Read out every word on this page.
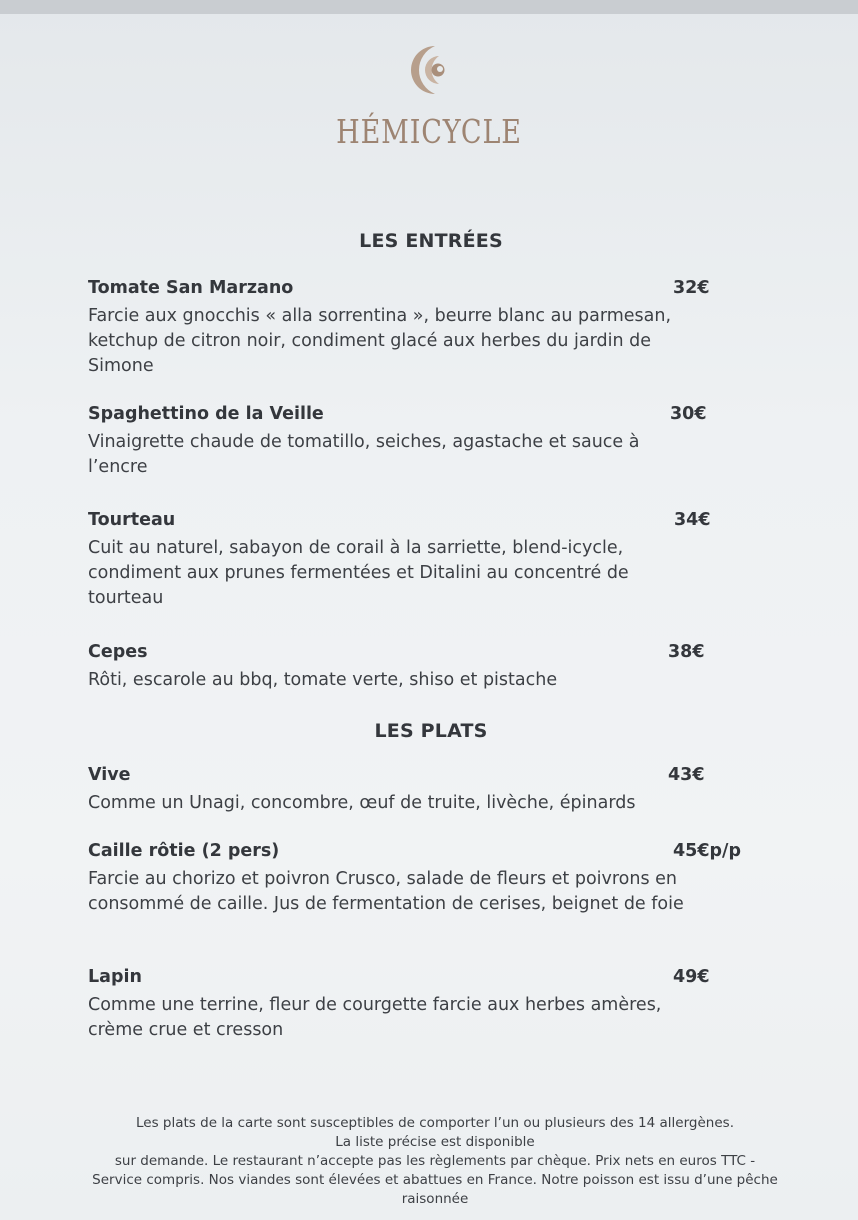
HÉMICYCLE
LES ENTRÉES
Tomate San Marzano	32€
Farcie aux gnocchis « alla sorrentina », beurre blanc au parmesan,
ketchup de citron noir, condiment glacé aux herbes du jardin de
Simone
Spaghettino de la Veille	30€
Vinaigrette chaude de tomatillo, seiches, agastache et sauce à
l’encre
Tourteau	34€
Cuit au naturel, sabayon de corail à la sarriette, blend-icycle,
condiment aux prunes fermentées et Ditalini au concentré de
tourteau
Cepes	38€
Rôti, escarole au bbq, tomate verte, shiso et pistache
LES PLATS
Vive	43€
Comme un Unagi, concombre, œuf de truite, livèche, épinards
Caille rôtie (2 pers)	45€p/p
Farcie au chorizo et poivron Crusco, salade de fleurs et poivrons en
consommé de caille. Jus de fermentation de cerises, beignet de foie
Lapin	49€
Comme une terrine, fleur de courgette farcie aux herbes amères,
crème crue et cresson
Les plats de la carte sont susceptibles de comporter l’un ou plusieurs des 14 allergènes.
La liste précise est disponible
sur demande. Le restaurant n’accepte pas les règlements par chèque. Prix nets en euros TTC -
Service compris. Nos viandes sont élevées et abattues en France. Notre poisson est issu d’une pêche
raisonnée
